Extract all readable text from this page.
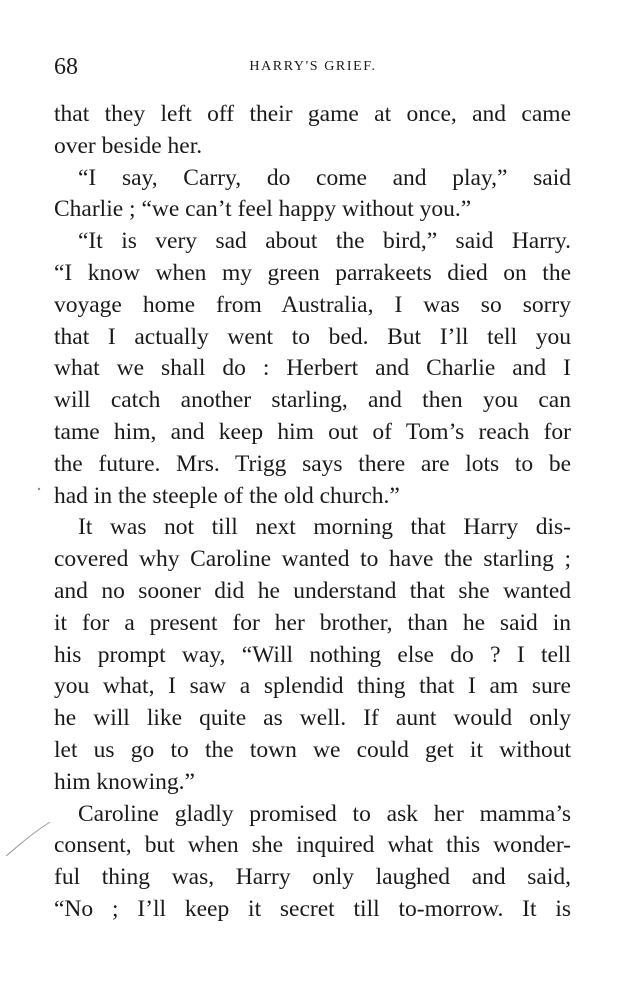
68	HARRY'S GRIEF.
that they left off their game at once, and came
over beside her.
“I say, Carry, do come and play,” said
Charlie ; “we can’t feel happy without you.”
“It is very sad about the bird,” said Harry.
“I know when my green parrakeets died on the
voyage home from Australia, I was so sorry
that I actually went to bed. But I’ll tell you
what we shall do : Herbert and Charlie and I
will catch another starling, and then you can
tame him, and keep him out of Tom’s reach for
the future. Mrs. Trigg says there are lots to be
had in the steeple of the old church.”
It was not till next morning that Harry dis-
covered why Caroline wanted to have the starling ;
and no sooner did he understand that she wanted
it for a present for her brother, than he said in
his prompt way, “Will nothing else do ? I tell
you what, I saw a splendid thing that I am sure
he will like quite as well. If aunt would only
let us go to the town we could get it without
him knowing.”
Caroline gladly promised to ask her mamma’s
consent, but when she inquired what this wonder-
ful thing was, Harry only laughed and said,
“No ; I’ll keep it secret till to-morrow. It is
